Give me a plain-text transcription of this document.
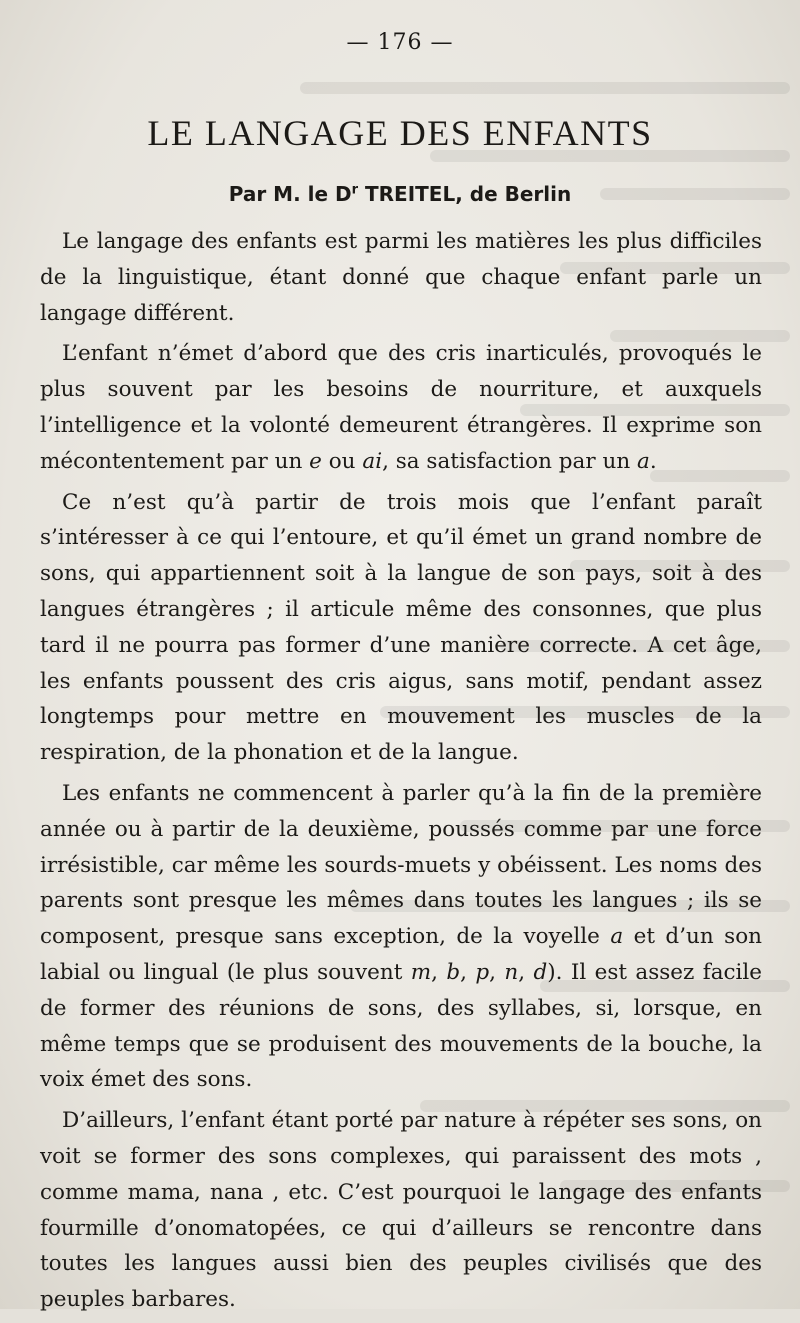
— 176 —
LE LANGAGE DES ENFANTS
Par M. le $D^r$ TREITEL, de Berlin

Le langage des enfants est parmi les matières les plus difficiles de la linguistique, étant donné que chaque enfant parle un langage différent.

L’enfant n’émet d’abord que des cris inarticulés, provoqués le plus souvent par les besoins de nourriture, et auxquels l’intelligence et la volonté demeurent étrangères. Il exprime son mécontentement par un e ou ai, sa satisfaction par un a.

Ce n’est qu’à partir de trois mois que l’enfant paraît s’intéresser à ce qui l’entoure, et qu’il émet un grand nombre de sons, qui appartiennent soit à la langue de son pays, soit à des langues étrangères ; il articule même des consonnes, que plus tard il ne pourra pas former d’une manière correcte. A cet âge, les enfants poussent des cris aigus, sans motif, pendant assez longtemps pour mettre en mouvement les muscles de la respiration, de la phonation et de la langue.

Les enfants ne commencent à parler qu’à la fin de la première année ou à partir de la deuxième, poussés comme par une force irrésistible, car même les sourds-muets y obéissent. Les noms des parents sont presque les mêmes dans toutes les langues ; ils se composent, presque sans exception, de la voyelle a et d’un son labial ou lingual (le plus souvent m, b, p, n, d). Il est assez facile de former des réunions de sons, des syllabes, si, lorsque, en même temps que se produisent des mouvements de la bouche, la voix émet des sons.

D’ailleurs, l’enfant étant porté par nature à répéter ses sons, on voit se former des sons complexes, qui paraissent des mots , comme mama, nana , etc. C’est pourquoi le langage des enfants fourmille d’onomatopées, ce qui d’ailleurs se rencontre dans toutes les langues aussi bien des peuples civilisés que des peuples barbares.
